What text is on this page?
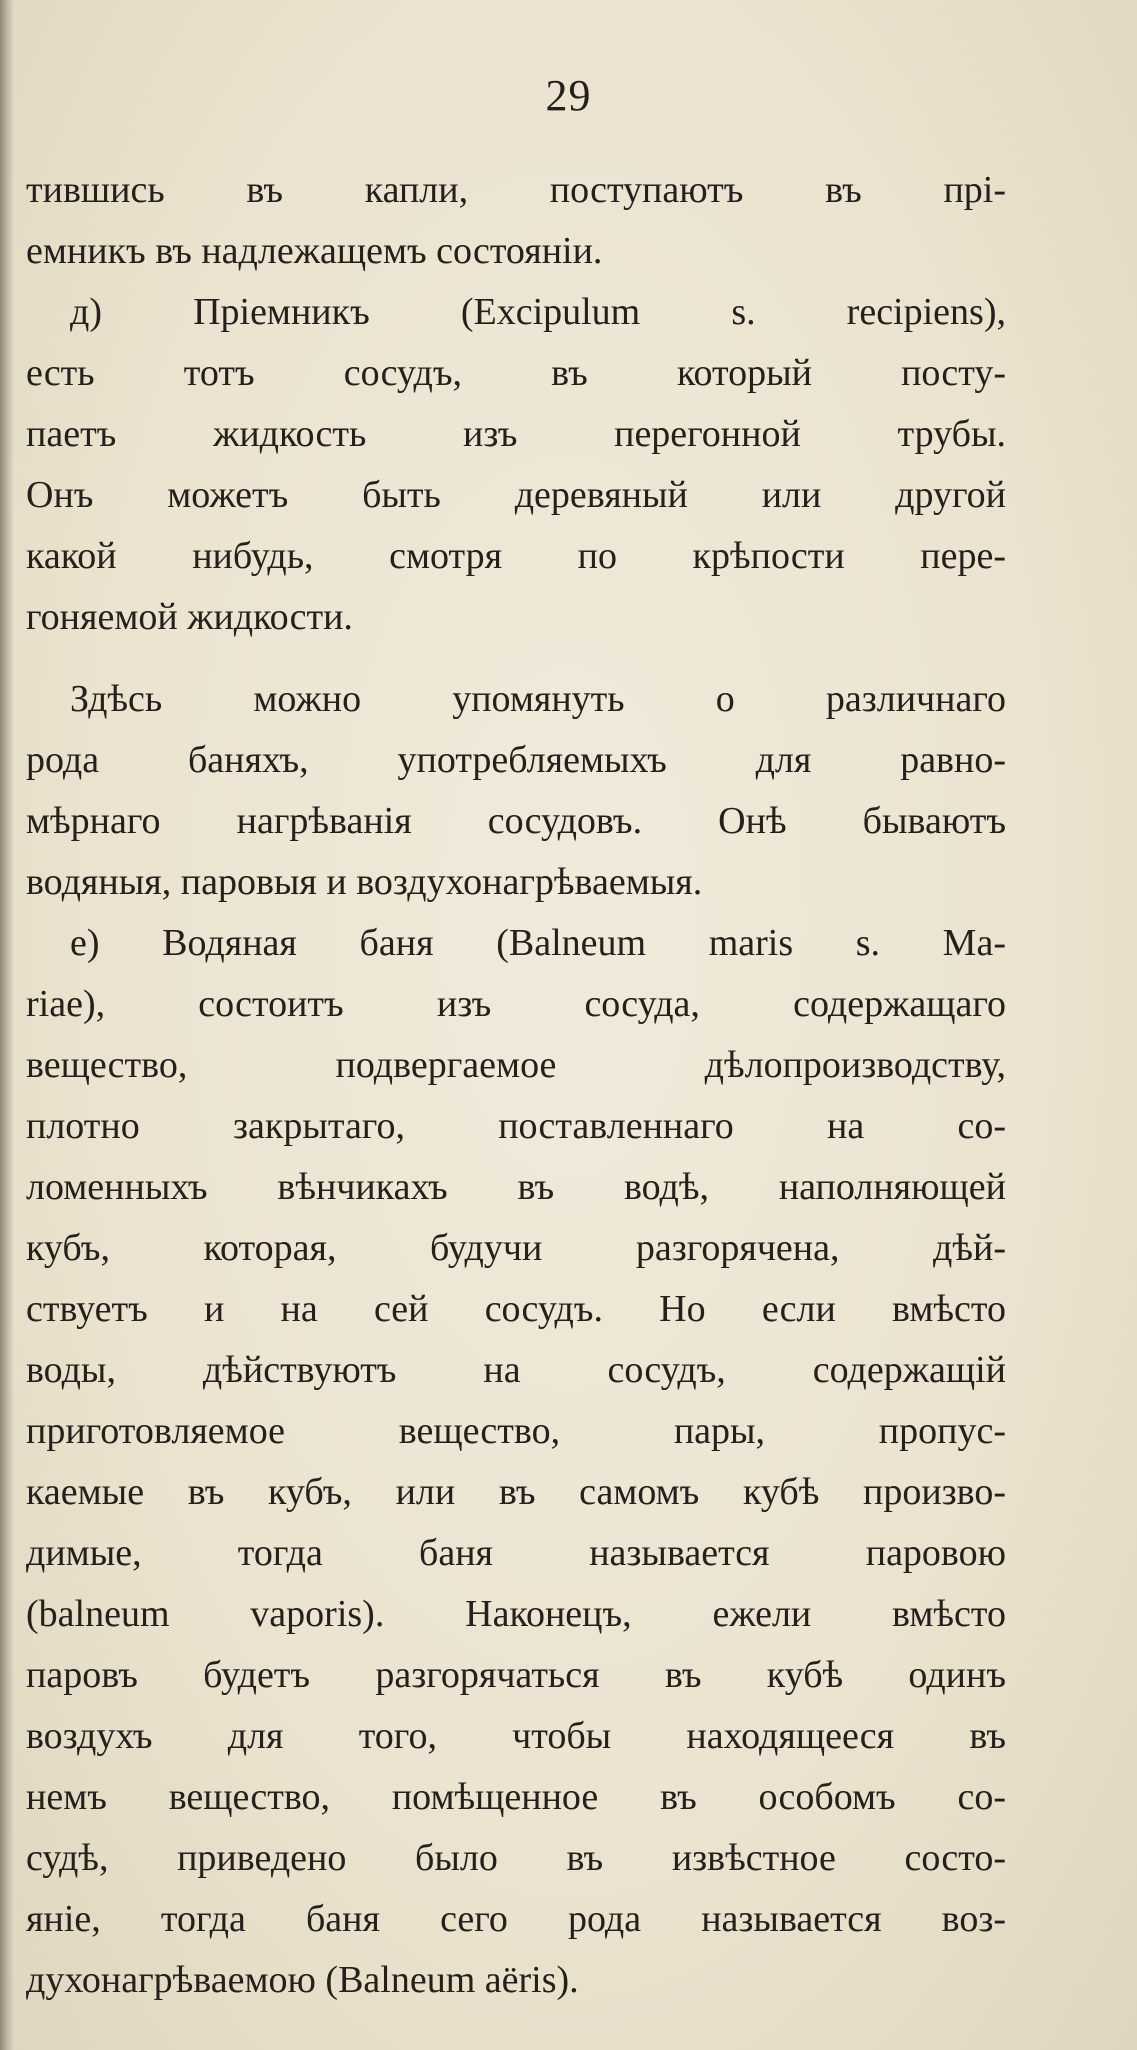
29
тившись въ капли, поступаютъ въ прі-
емникъ въ надлежащемъ состояніи.
д) Пріемникъ (Excipulum s. recipiens),
есть тотъ сосудъ, въ который посту-
паетъ жидкость изъ перегонной трубы.
Онъ можетъ быть деревяный или другой
какой нибудь, смотря по крѣпости пере-
гоняемой жидкости.
Здѣсь можно упомянуть о различнаго
рода баняхъ, употребляемыхъ для равно-
мѣрнаго нагрѣванія сосудовъ. Онѣ бываютъ
водяныя, паровыя и воздухонагрѣваемыя.
е) Водяная баня (Balneum maris s. Ma-
riae), состоитъ изъ сосуда, содержащаго
вещество, подвергаемое дѣлопроизводству,
плотно закрытаго, поставленнаго на со-
ломенныхъ вѣнчикахъ въ водѣ, наполняющей
кубъ, которая, будучи разгорячена, дѣй-
ствуетъ и на сей сосудъ. Но если вмѣсто
воды, дѣйствуютъ на сосудъ, содержащій
приготовляемое вещество, пары, пропус-
каемые въ кубъ, или въ самомъ кубѣ произво-
димые, тогда баня называется паровою
(balneum vaporis). Наконецъ, ежели вмѣсто
паровъ будетъ разгорячаться въ кубѣ одинъ
воздухъ для того, чтобы находящееся въ
немъ вещество, помѣщенное въ особомъ со-
судѣ, приведено было въ извѣстное состо-
яніе, тогда баня сего рода называется воз-
духонагрѣваемою (Balneum aëris).
